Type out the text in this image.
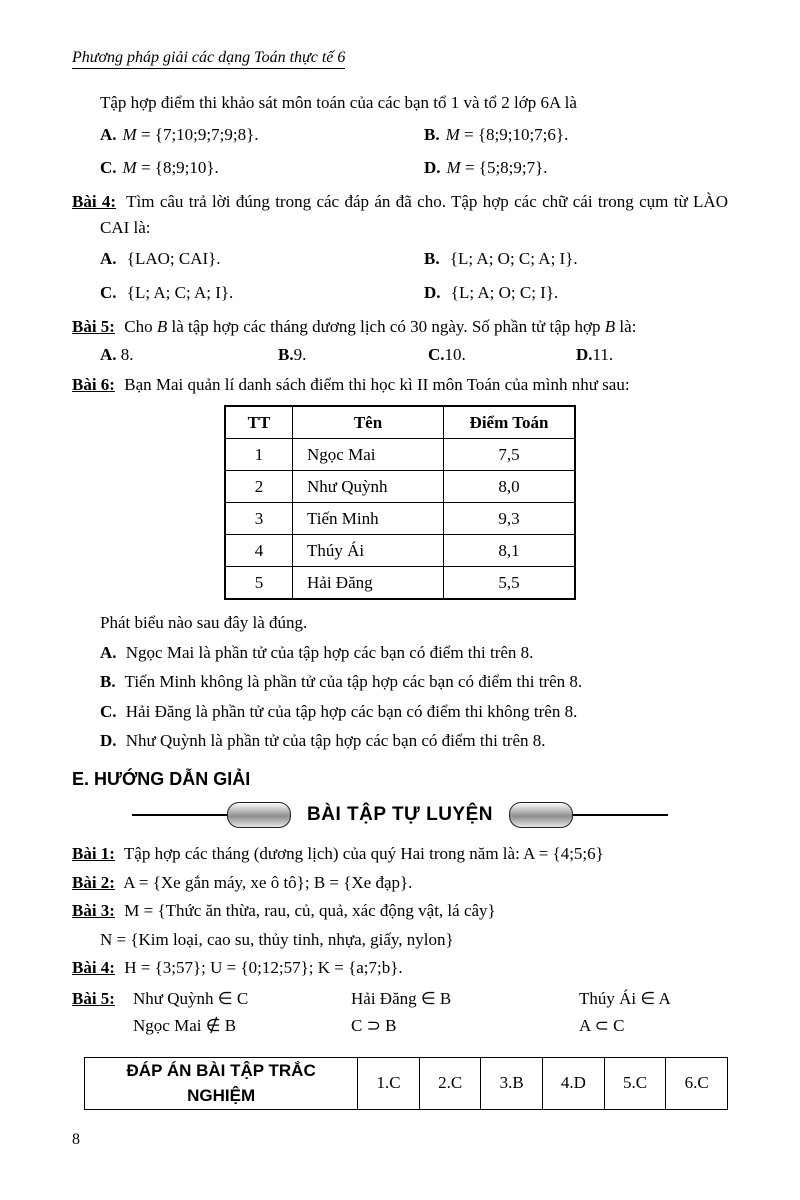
Phương pháp giải các dạng Toán thực tế 6

Tập hợp điểm thi khảo sát môn toán của các bạn tổ 1 và tổ 2 lớp 6A là

A. M = {7;10;9;7;9;8}.	B. M = {8;9;10;7;6}.
C. M = {8;9;10}.	D. M = {5;8;9;7}.

Bài 4: Tìm câu trả lời đúng trong các đáp án đã cho. Tập hợp các chữ cái trong cụm từ LÀO CAI là:

A. {LAO; CAI}.	B. {L; A; O; C; A; I}.
C. {L; A; C; A; I}.	D. {L; A; O; C; I}.

Bài 5: Cho B là tập hợp các tháng dương lịch có 30 ngày. Số phần tử tập hợp B là:

A. 8.	B.9.	C.10.	D.11.

Bài 6: Bạn Mai quản lí danh sách điểm thi học kì II môn Toán của mình như sau:

TT	Tên	Điểm Toán
1	Ngọc Mai	7,5
2	Như Quỳnh	8,0
3	Tiến Minh	9,3
4	Thúy Ái	8,1
5	Hải Đăng	5,5

Phát biểu nào sau đây là đúng.

A. Ngọc Mai là phần tử của tập hợp các bạn có điểm thi trên 8.

B. Tiến Minh không là phần tử của tập hợp các bạn có điểm thi trên 8.

C. Hải Đăng là phần tử của tập hợp các bạn có điểm thi không trên 8.

D. Như Quỳnh là phần tử của tập hợp các bạn có điểm thi trên 8.

E. HƯỚNG DẪN GIẢI
BÀI TẬP TỰ LUYỆN

Bài 1: Tập hợp các tháng (dương lịch) của quý Hai trong năm là: A = {4;5;6}

Bài 2: A = {Xe gắn máy, xe ô tô}; B = {Xe đạp}.

Bài 3: M = {Thức ăn thừa, rau, củ, quả, xác động vật, lá cây}

N = {Kim loại, cao su, thủy tinh, nhựa, giấy, nylon}

Bài 4: H = {3;57}; U = {0;12;57}; K = {a;7;b}.

Bài 5:	Như Quỳnh ∈ C	Hải Đăng ∈ B	Thúy Ái ∈ A
Ngọc Mai ∉ B	C ⊃ B	A ⊂ C
ĐÁP ÁN BÀI TẬP TRẮC NGHIỆM	1.C	2.C	3.B	4.D	5.C	6.C
8
